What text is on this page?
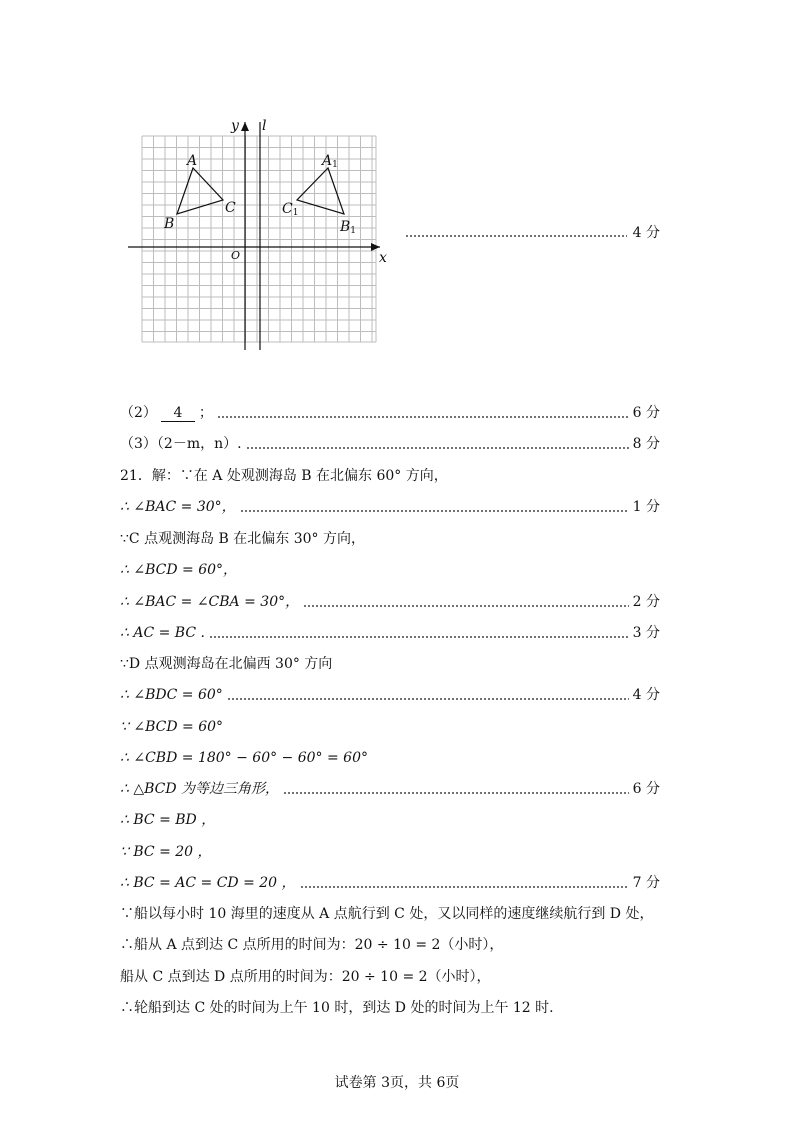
y l
x
O
A
B
C
A1
B1
C1
4 分
（2）	4	；	6 分
（3）（2－m，n）.	8 分
21．解：∵在 A 处观测海岛 B 在北偏东 60° 方向，
∴ ∠BAC = 30°，	1 分
∵C 点观测海岛 B 在北偏东 30° 方向，
∴ ∠BCD = 60°，
∴ ∠BAC = ∠CBA = 30°，	2 分
∴ AC = BC .	3 分
∵D 点观测海岛在北偏西 30° 方向
∴ ∠BDC = 60°	4 分
∵ ∠BCD = 60°
∴ ∠CBD = 180° − 60° − 60° = 60°
∴ △BCD 为等边三角形，	6 分
∴ BC = BD ，
∵ BC = 20 ，
∴ BC = AC = CD = 20 ，	7 分
∵船以每小时 10 海里的速度从 A 点航行到 C 处，又以同样的速度继续航行到 D 处，
∴船从 A 点到达 C 点所用的时间为：20 ÷ 10 = 2（小时），
船从 C 点到达 D 点所用的时间为：20 ÷ 10 = 2（小时），
∴轮船到达 C 处的时间为上午 10 时，到达 D 处的时间为上午 12 时.
试卷第 3页，共 6页
